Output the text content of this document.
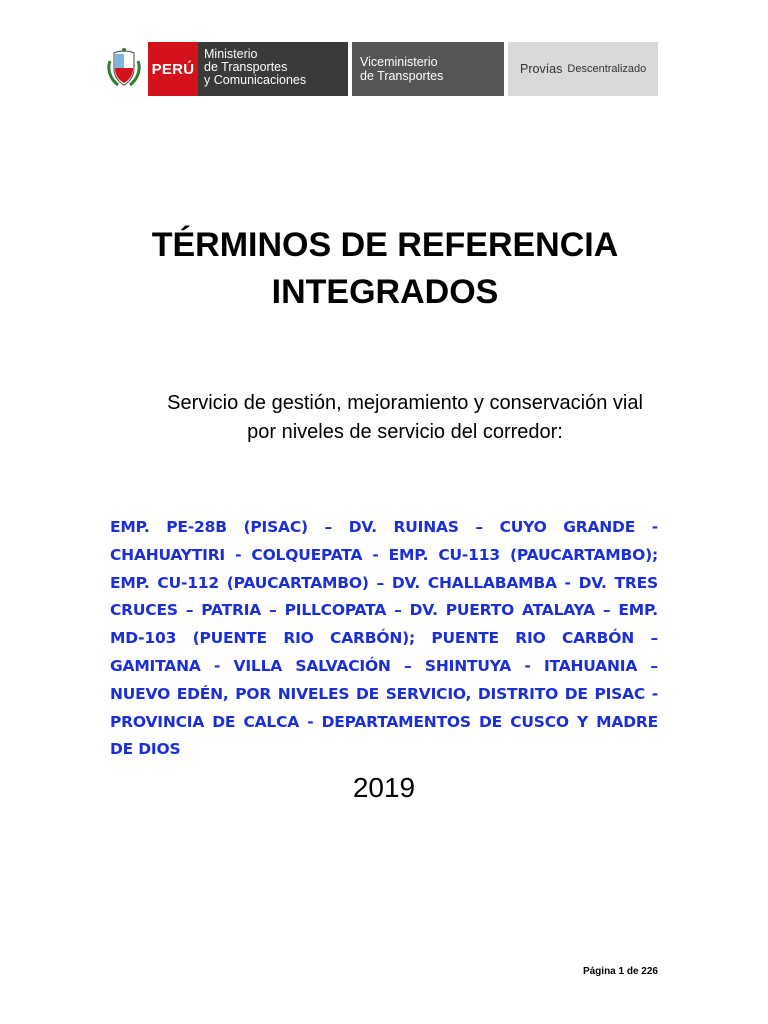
PERÚ
Ministerio
de Transportes
y Comunicaciones
Viceministerio
de Transportes	Provías Descentralizado
TÉRMINOS DE REFERENCIA
INTEGRADOS
Servicio de gestión, mejoramiento y conservación vial por niveles de servicio del corredor:
EMP. PE-28B (PISAC) – DV. RUINAS – CUYO GRANDE - CHAHUAYTIRI - COLQUEPATA - EMP. CU-113 (PAUCARTAMBO); EMP. CU-112 (PAUCARTAMBO) – DV. CHALLABAMBA - DV. TRES CRUCES – PATRIA – PILLCOPATA – DV. PUERTO ATALAYA – EMP. MD-103 (PUENTE RIO CARBÓN); PUENTE RIO CARBÓN – GAMITANA - VILLA SALVACIÓN – SHINTUYA - ITAHUANIA – NUEVO EDÉN, POR NIVELES DE SERVICIO, DISTRITO DE PISAC - PROVINCIA DE CALCA - DEPARTAMENTOS DE CUSCO Y MADRE DE DIOS
2019
Página 1 de 226
